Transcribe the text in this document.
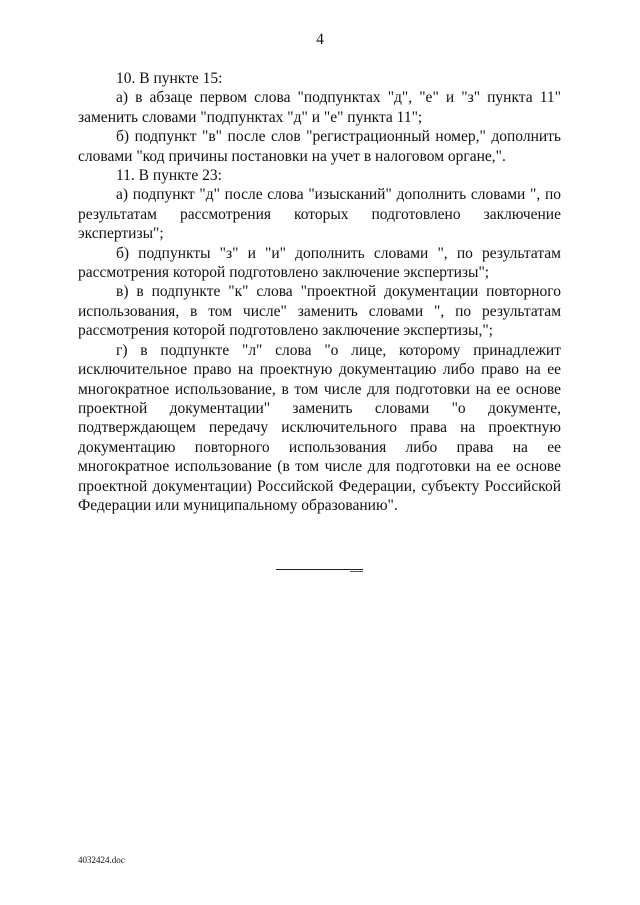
4

10. В пункте 15:

а) в абзаце первом слова "подпунктах "д", "е" и "з" пункта 11" заменить словами "подпунктах "д" и "е" пункта 11";

б) подпункт "в" после слов "регистрационный номер," дополнить словами "код причины постановки на учет в налоговом органе,".

11. В пункте 23:

а) подпункт "д" после слова "изысканий" дополнить словами ", по результатам рассмотрения которых подготовлено заключение экспертизы";

б) подпункты "з" и "и" дополнить словами ", по результатам рассмотрения которой подготовлено заключение экспертизы";

в) в подпункте "к" слова "проектной документации повторного использования, в том числе" заменить словами ", по результатам рассмотрения которой подготовлено заключение экспертизы,";

г) в подпункте "л" слова "о лице, которому принадлежит исключительное право на проектную документацию либо право на ее многократное использование, в том числе для подготовки на ее основе проектной документации" заменить словами "о документе, подтверждающем передачу исключительного права на проектную документацию повторного использования либо права на ее многократное использование (в том числе для подготовки на ее основе проектной документации) Российской Федерации, субъекту Российской Федерации или муниципальному образованию".

4032424.doc
